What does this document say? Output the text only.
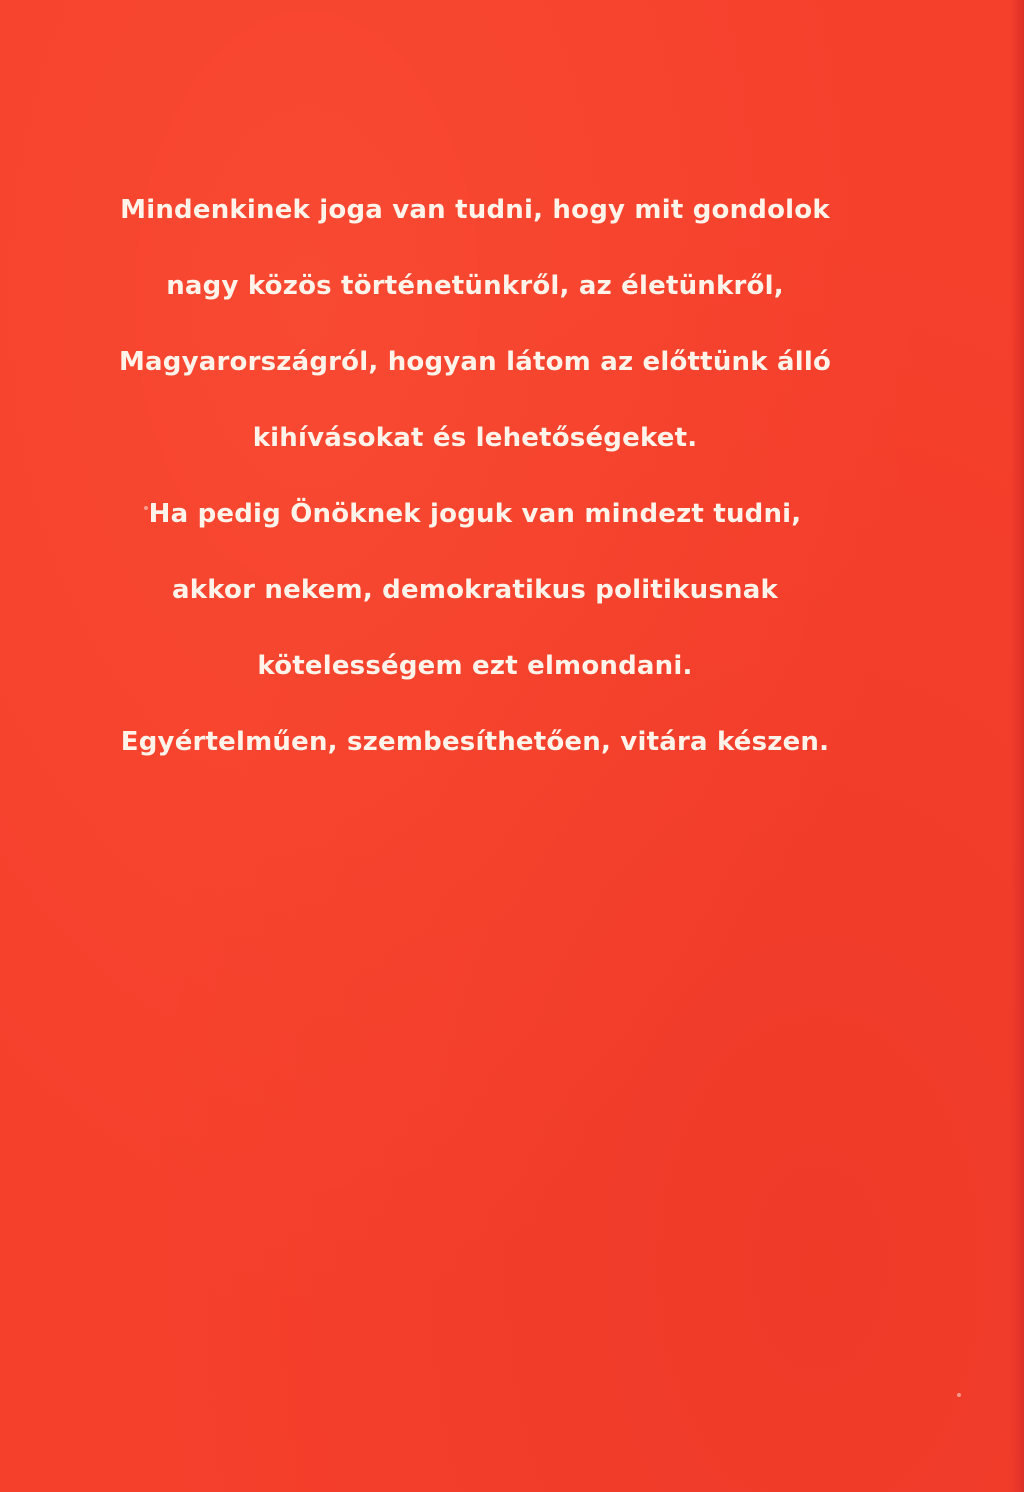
Mindenkinek joga van tudni, hogy mit gondolok
nagy közös történetünkről, az életünkről,
Magyarországról, hogyan látom az előttünk álló
kihívásokat és lehetőségeket.
Ha pedig Önöknek joguk van mindezt tudni,
akkor nekem, demokratikus politikusnak
kötelességem ezt elmondani.
Egyértelműen, szembesíthetően, vitára készen.
